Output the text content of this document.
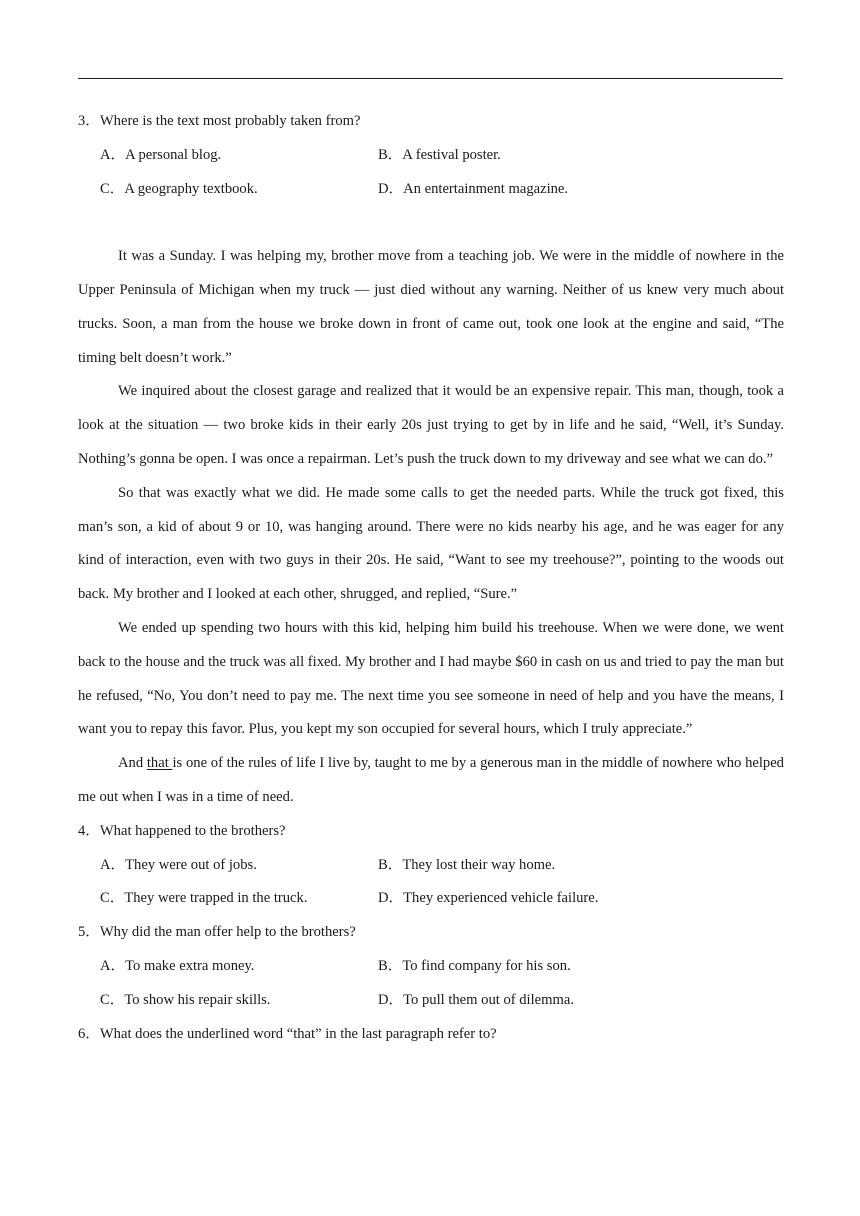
3．Where is the text most probably taken from?
A．A personal blog.	B．A festival poster.
C．A geography textbook.	D．An entertainment magazine.

It was a Sunday. I was helping my, brother move from a teaching job. We were in the middle of nowhere in the Upper Peninsula of Michigan when my truck — just died without any warning. Neither of us knew very much about trucks. Soon, a man from the house we broke down in front of came out, took one look at the engine and said, “The timing belt doesn’t work.”

We inquired about the closest garage and realized that it would be an expensive repair. This man, though, took a look at the situation — two broke kids in their early 20s just trying to get by in life and he said, “Well, it’s Sunday. Nothing’s gonna be open. I was once a repairman. Let’s push the truck down to my driveway and see what we can do.”

So that was exactly what we did. He made some calls to get the needed parts. While the truck got fixed, this man’s son, a kid of about 9 or 10, was hanging around. There were no kids nearby his age, and he was eager for any kind of interaction, even with two guys in their 20s. He said, “Want to see my treehouse?”, pointing to the woods out back. My brother and I looked at each other, shrugged, and replied, “Sure.”

We ended up spending two hours with this kid, helping him build his treehouse. When we were done, we went back to the house and the truck was all fixed. My brother and I had maybe $60 in cash on us and tried to pay the man but he refused, “No, You don’t need to pay me. The next time you see someone in need of help and you have the means, I want you to repay this favor. Plus, you kept my son occupied for several hours, which I truly appreciate.”

And that is one of the rules of life I live by, taught to me by a generous man in the middle of nowhere who helped me out when I was in a time of need.

4．What happened to the brothers?
A．They were out of jobs.	B．They lost their way home.
C．They were trapped in the truck.	D．They experienced vehicle failure.
5．Why did the man offer help to the brothers?
A．To make extra money.	B．To find company for his son.
C．To show his repair skills.	D．To pull them out of dilemma.
6．What does the underlined word “that” in the last paragraph refer to?
